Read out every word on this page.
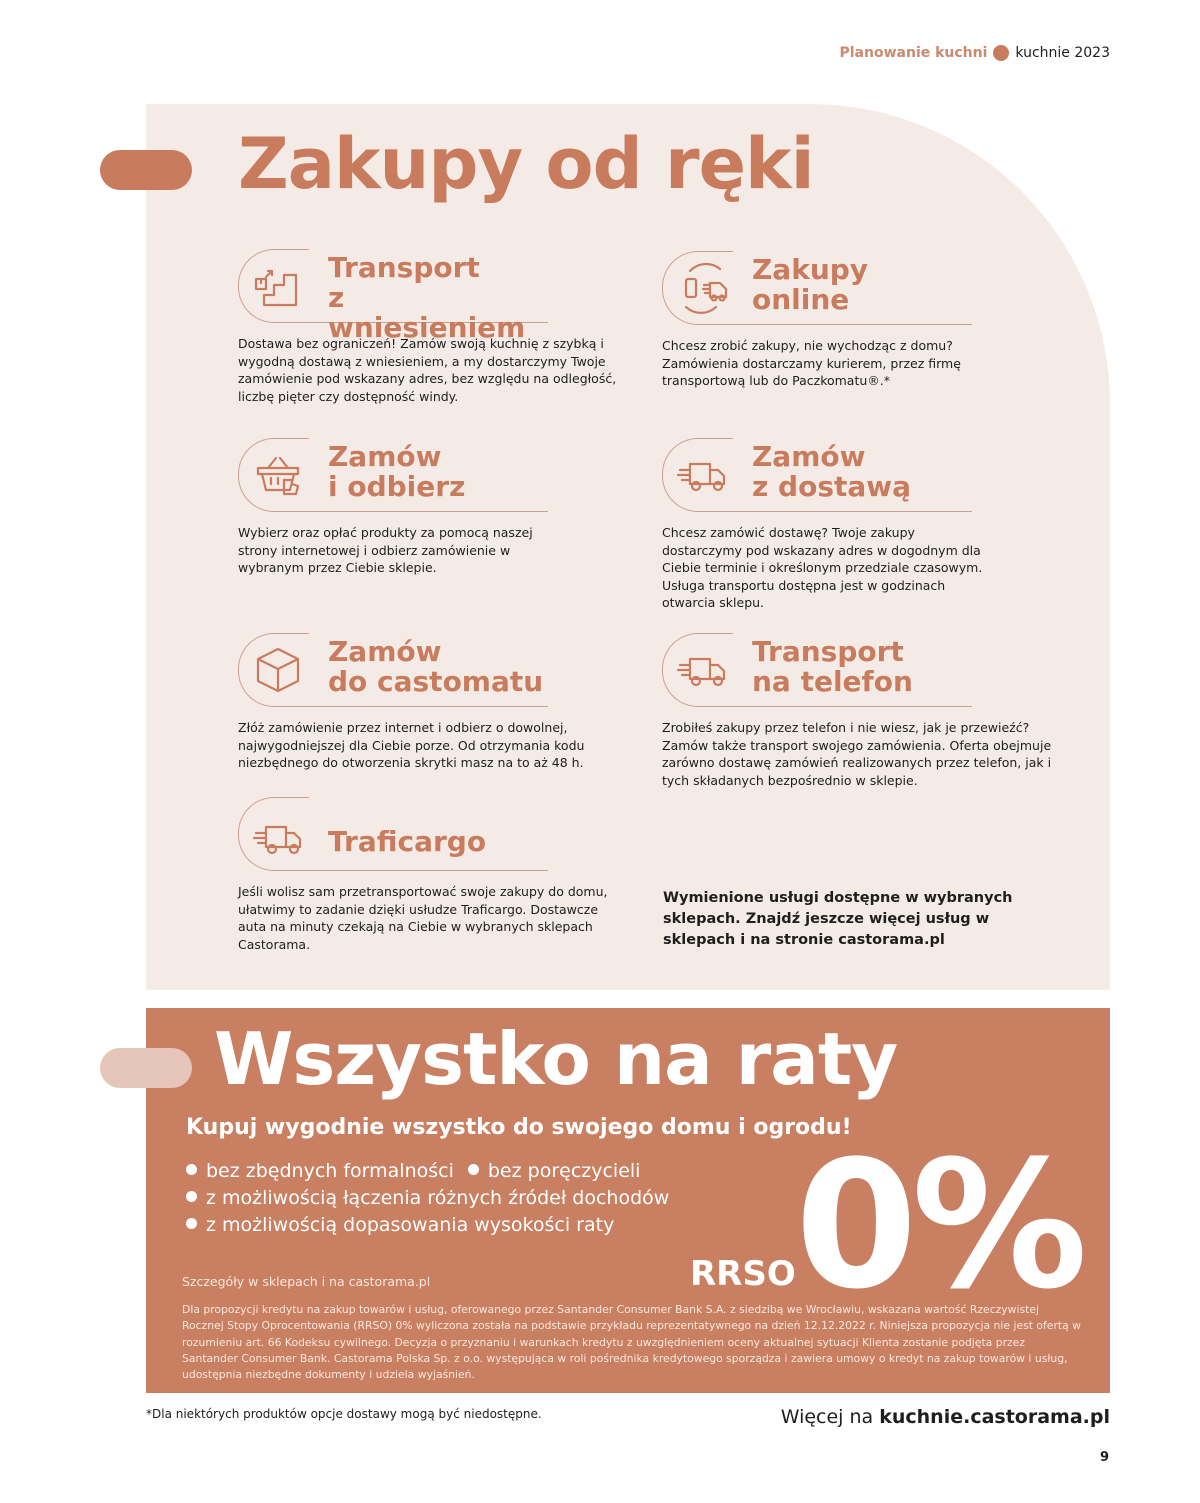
Planowanie kuchni kuchnie 2023
Zakupy od ręki
Transport
z wniesieniem
Dostawa bez ograniczeń! Zamów swoją kuchnię z szybką i wygodną dostawą z wniesieniem, a my dostarczymy Twoje zamówienie pod wskazany adres, bez względu na odległość, liczbę pięter czy dostępność windy.
Zakupy
online
Chcesz zrobić zakupy, nie wychodząc z domu? Zamówienia dostarczamy kurierem, przez firmę transportową lub do Paczkomatu®.*
Zamów
i odbierz
Wybierz oraz opłać produkty za pomocą naszej strony internetowej i odbierz zamówienie w wybranym przez Ciebie sklepie.
Zamów
z dostawą
Chcesz zamówić dostawę? Twoje zakupy dostarczymy pod wskazany adres w dogodnym dla Ciebie terminie i określonym przedziale czasowym. Usługa transportu dostępna jest w godzinach otwarcia sklepu.
Zamów
do castomatu
Złóż zamówienie przez internet i odbierz o dowolnej, najwygodniejszej dla Ciebie porze. Od otrzymania kodu niezbędnego do otworzenia skrytki masz na to aż 48 h.
Transport
na telefon
Zrobiłeś zakupy przez telefon i nie wiesz, jak je przewieźć? Zamów także transport swojego zamówienia. Oferta obejmuje zarówno dostawę zamówień realizowanych przez telefon, jak i tych składanych bezpośrednio w sklepie.
Traficargo
Jeśli wolisz sam przetransportować swoje zakupy do domu, ułatwimy to zadanie dzięki usłudze Traficargo. Dostawcze auta na minuty czekają na Ciebie w wybranych sklepach Castorama.
Wymienione usługi dostępne w wybranych sklepach. Znajdź jeszcze więcej usług w sklepach i na stronie castorama.pl
Wszystko na raty
Kupuj wygodnie wszystko do swojego domu i ogrodu!
bez zbędnych formalności bez poręczycieli
z możliwością łączenia różnych źródeł dochodów
z możliwością dopasowania wysokości raty
RRSO 0%
Szczegóły w sklepach i na castorama.pl
Dla propozycji kredytu na zakup towarów i usług, oferowanego przez Santander Consumer Bank S.A. z siedzibą we Wrocławiu, wskazana wartość Rzeczywistej Rocznej Stopy Oprocentowania (RRSO) 0% wyliczona została na podstawie przykładu reprezentatywnego na dzień 12.12.2022 r. Niniejsza propozycja nie jest ofertą w rozumieniu art. 66 Kodeksu cywilnego. Decyzja o przyznaniu i warunkach kredytu z uwzględnieniem oceny aktualnej sytuacji Klienta zostanie podjęta przez Santander Consumer Bank. Castorama Polska Sp. z o.o. występująca w roli pośrednika kredytowego sporządza i zawiera umowy o kredyt na zakup towarów i usług, udostępnia niezbędne dokumenty i udziela wyjaśnień.
*Dla niektórych produktów opcje dostawy mogą być niedostępne.	Więcej na kuchnie.castorama.pl
9
